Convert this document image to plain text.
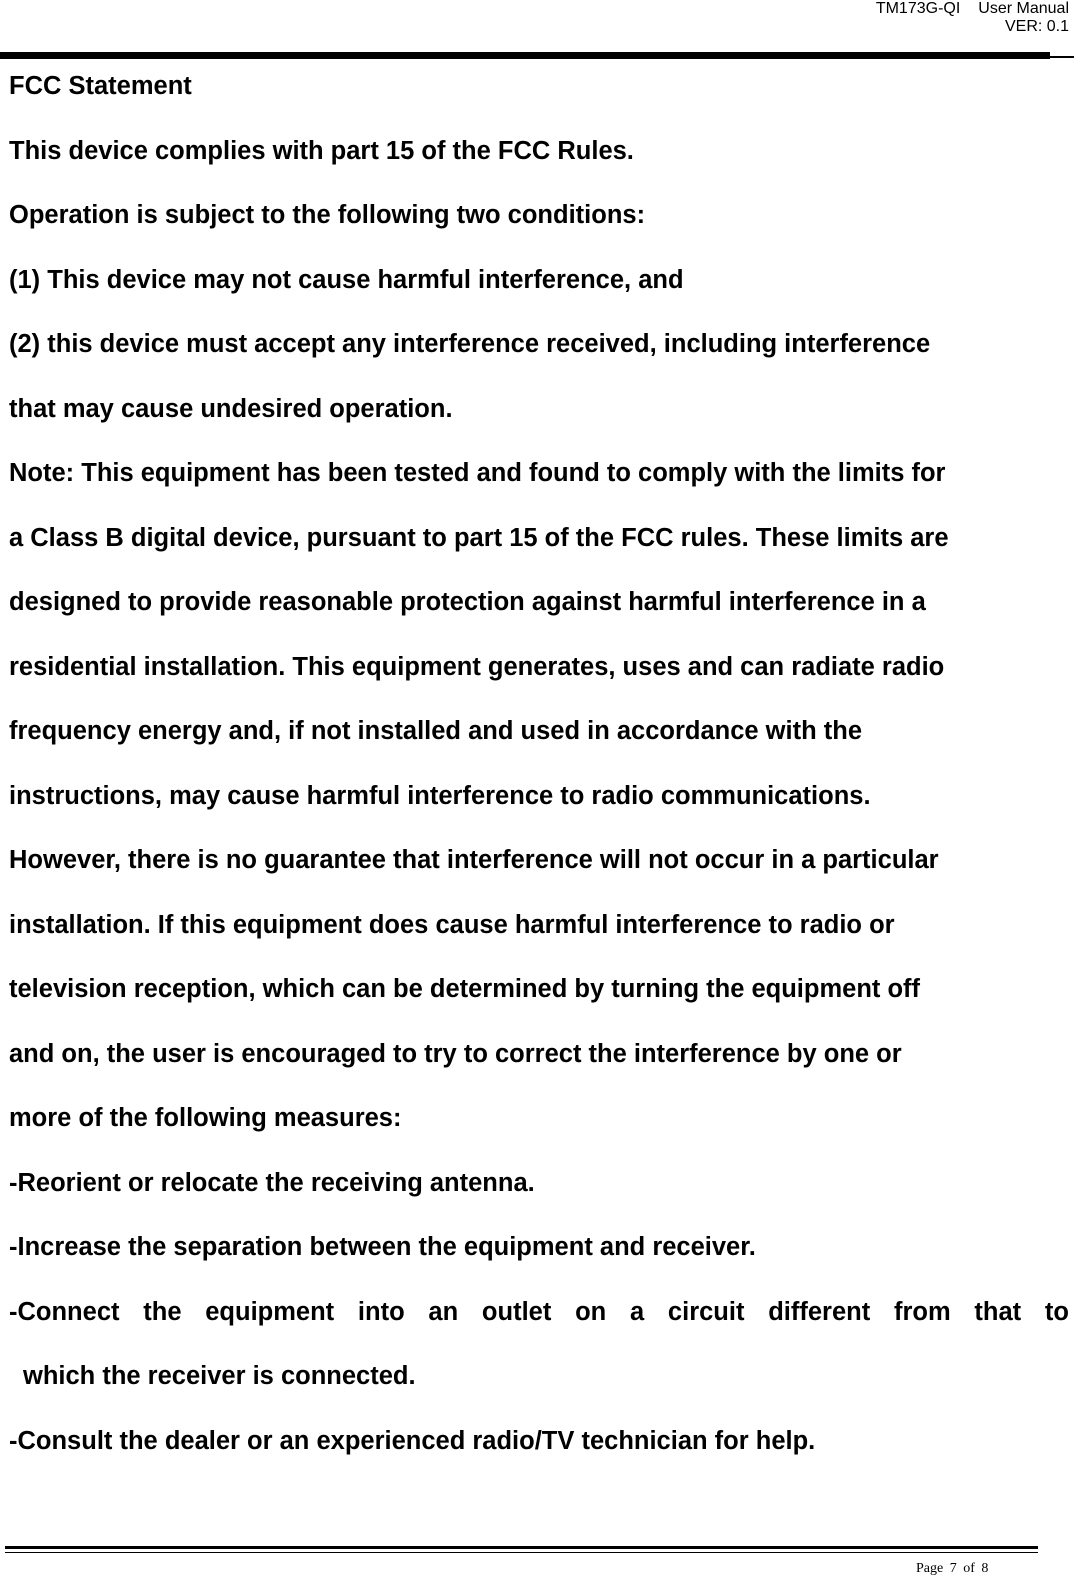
TM173G-QI User Manual
VER: 0.1
FCC Statement
This device complies with part 15 of the FCC Rules.
Operation is subject to the following two conditions:
(1) This device may not cause harmful interference, and
(2) this device must accept any interference received, including interference
that may cause undesired operation.
Note: This equipment has been tested and found to comply with the limits for
a Class B digital device, pursuant to part 15 of the FCC rules. These limits are
designed to provide reasonable protection against harmful interference in a
residential installation. This equipment generates, uses and can radiate radio
frequency energy and, if not installed and used in accordance with the
instructions, may cause harmful interference to radio communications.
However, there is no guarantee that interference will not occur in a particular
installation. If this equipment does cause harmful interference to radio or
television reception, which can be determined by turning the equipment off
and on, the user is encouraged to try to correct the interference by one or
more of the following measures:
-Reorient or relocate the receiving antenna.
-Increase the separation between the equipment and receiver.
-Connect the equipment into an outlet on a circuit different from that to
which the receiver is connected.
-Consult the dealer or an experienced radio/TV technician for help.
Page 7 of 8
